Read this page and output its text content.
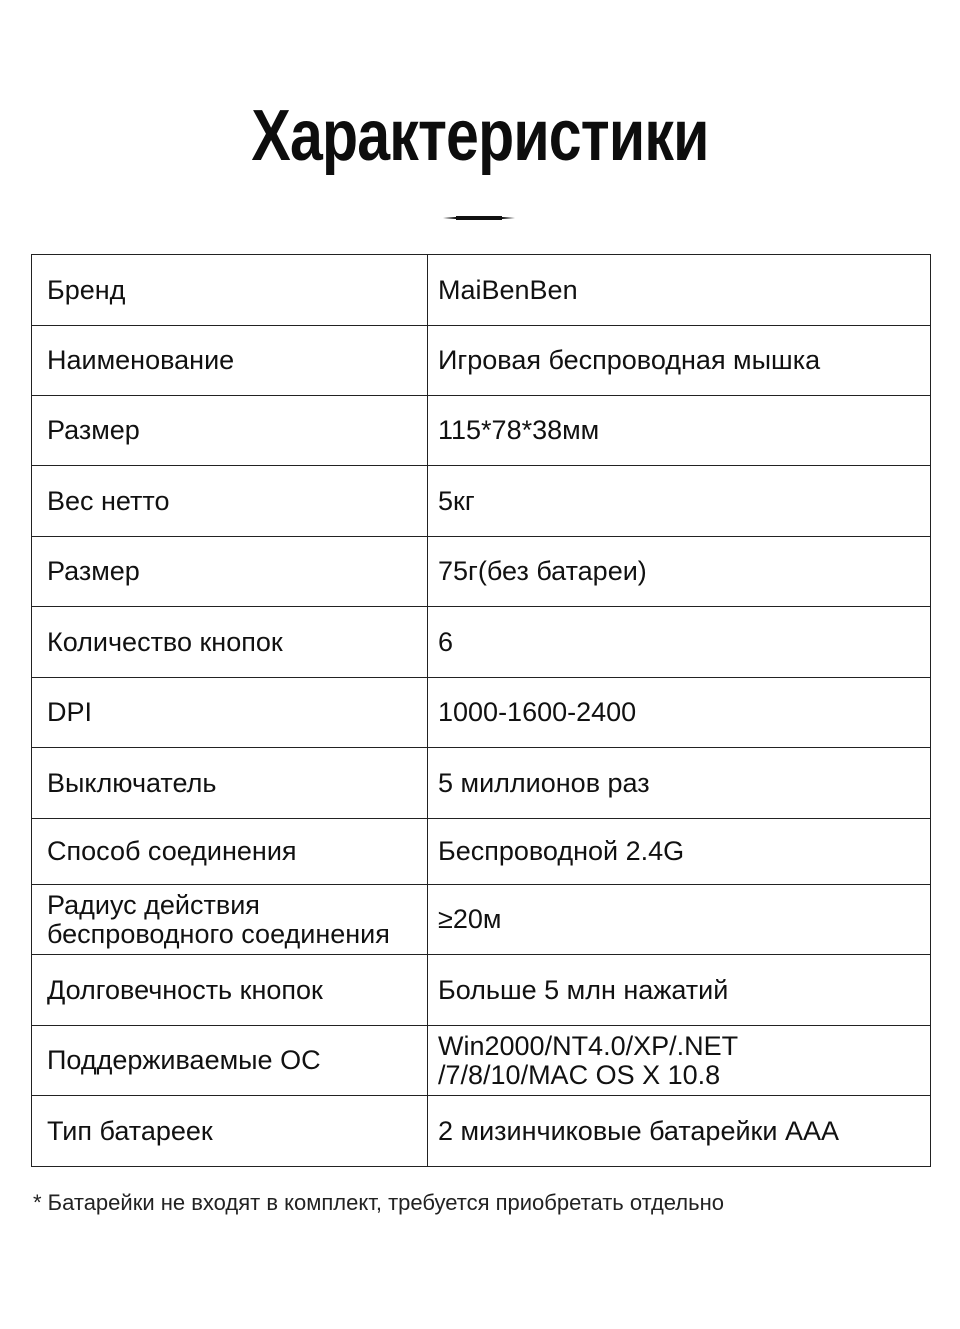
Характеристики
Бренд	MaiBenBen

Наименование	Игровая беспроводная мышка

Размер	115*78*38мм

Вес нетто	5кг

Размер	75г(без батареи)

Количество кнопок	6

DPI	1000-1600-2400

Выключатель	5 миллионов раз

Способ соединения	Беспроводной 2.4G

Радиус действия
беспроводного соединения	≥20м

Долговечность кнопок	Больше 5 млн нажатий

Поддерживаемые ОС	Win2000/NT4.0/XP/.NET
/7/8/10/MAC OS X 10.8

Тип батареек	2 мизинчиковые батарейки AAA
* Батарейки не входят в комплект, требуется приобретать отдельно
